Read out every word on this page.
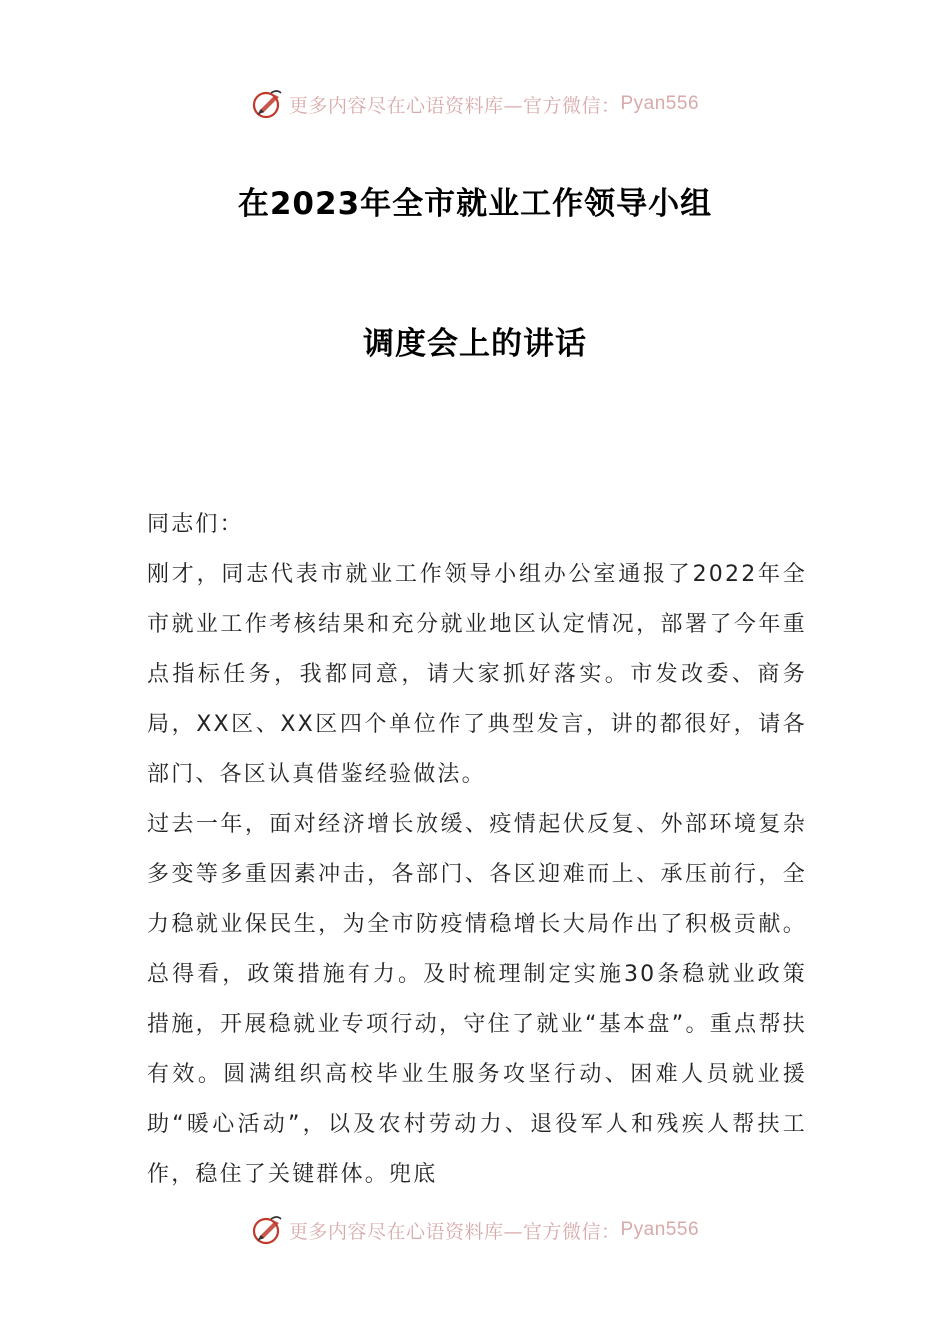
更多内容尽在心语资料库—官方微信： Pyan556
在2023年全市就业工作领导小组
调度会上的讲话

同志们：

刚才，同志代表市就业工作领导小组办公室通报了2022年全市就业工作考核结果和充分就业地区认定情况，部署了今年重点指标任务，我都同意，请大家抓好落实。市发改委、商务局，XX区、XX区四个单位作了典型发言，讲的都很好，请各部门、各区认真借鉴经验做法。

过去一年，面对经济增长放缓、疫情起伏反复、外部环境复杂多变等多重因素冲击，各部门、各区迎难而上、承压前行，全力稳就业保民生，为全市防疫情稳增长大局作出了积极贡献。总得看，政策措施有力。及时梳理制定实施30条稳就业政策措施，开展稳就业专项行动，守住了就业“基本盘”。重点帮扶有效。圆满组织高校毕业生服务攻坚行动、困难人员就业援助“暖心活动”，以及农村劳动力、退役军人和残疾人帮扶工作，稳住了关键群体。兜底

更多内容尽在心语资料库—官方微信： Pyan556
